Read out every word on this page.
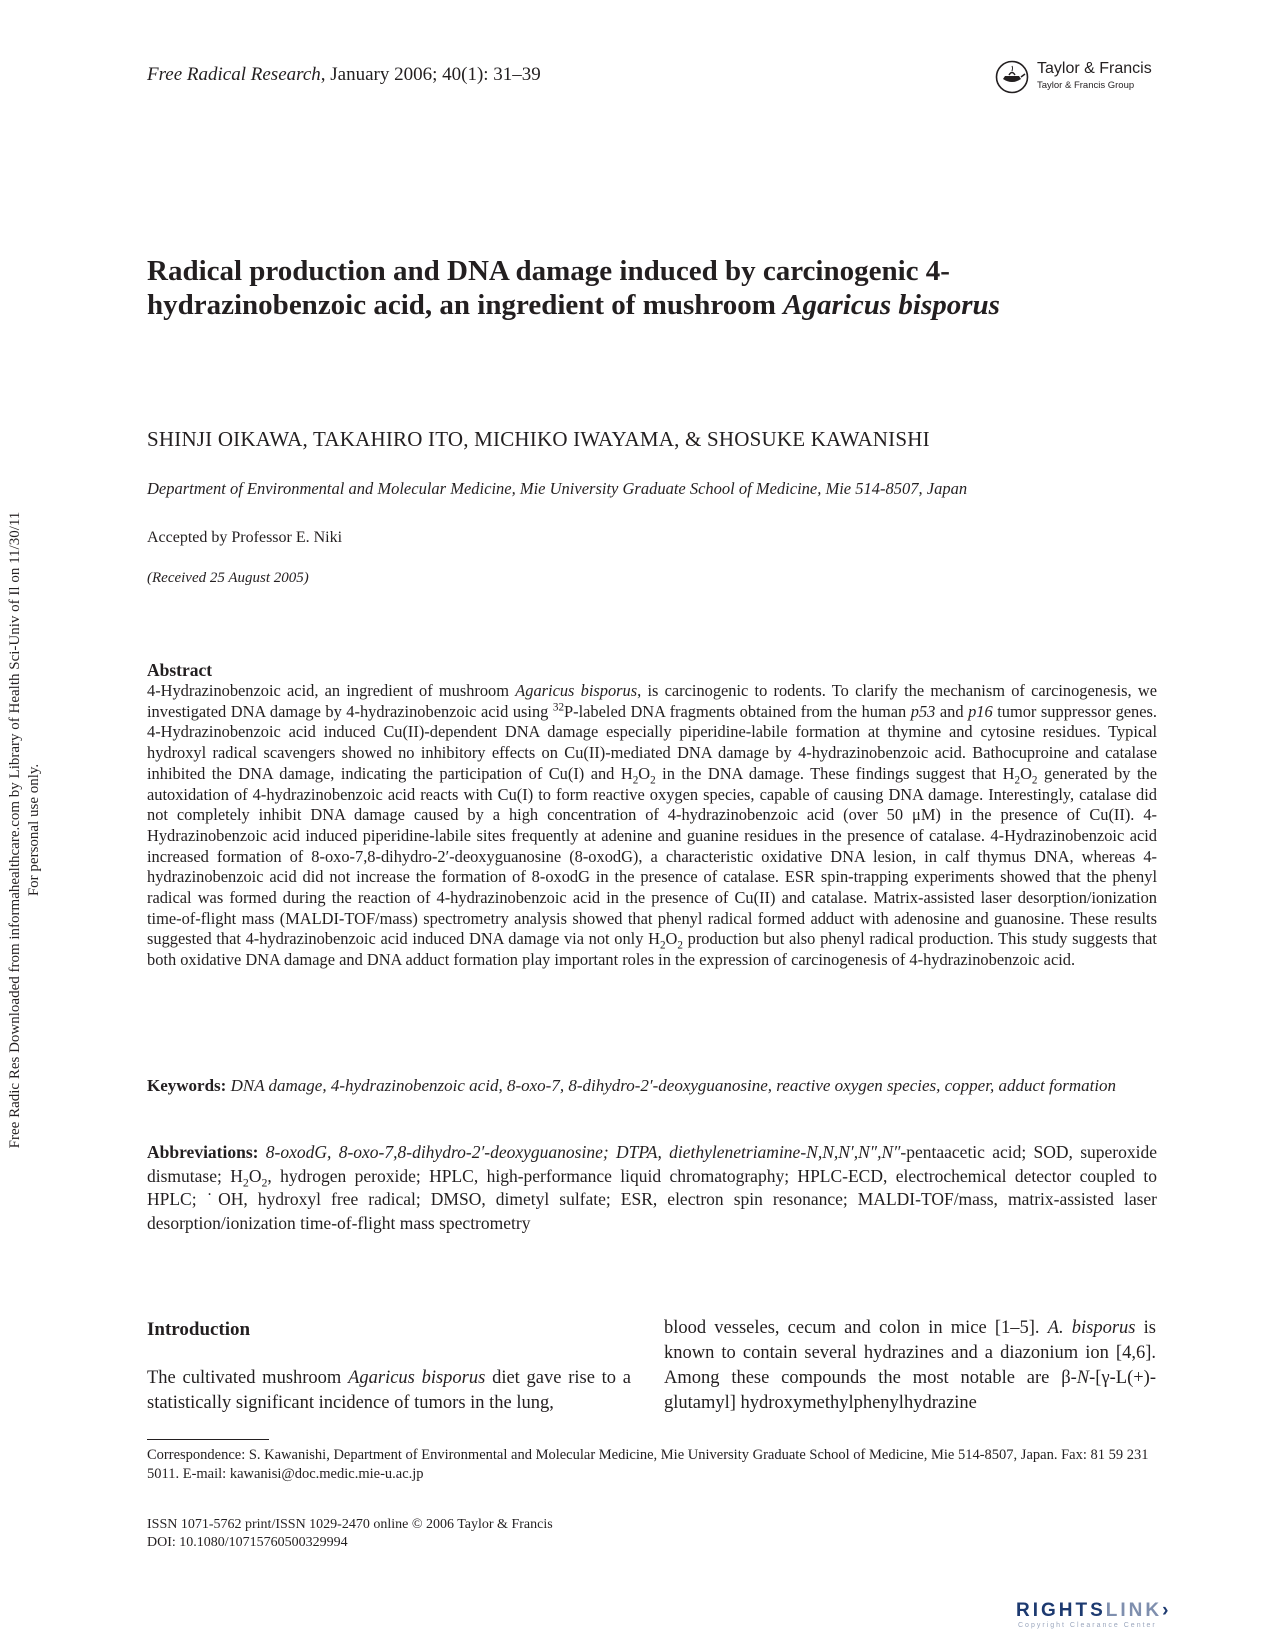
Free Radical Research, January 2006; 40(1): 31–39	Taylor & Francis
Taylor & Francis Group
Radical production and DNA damage induced by carcinogenic 4-hydrazinobenzoic acid, an ingredient of mushroom Agaricus bisporus
SHINJI OIKAWA, TAKAHIRO ITO, MICHIKO IWAYAMA, & SHOSUKE KAWANISHI
Department of Environmental and Molecular Medicine, Mie University Graduate School of Medicine, Mie 514-8507, Japan
Accepted by Professor E. Niki
(Received 25 August 2005)
Abstract

4-Hydrazinobenzoic acid, an ingredient of mushroom Agaricus bisporus, is carcinogenic to rodents. To clarify the mechanism of carcinogenesis, we investigated DNA damage by 4-hydrazinobenzoic acid using $^{32}$P-labeled DNA fragments obtained from the human p53 and p16 tumor suppressor genes. 4-Hydrazinobenzoic acid induced Cu(II)-dependent DNA damage especially piperidine-labile formation at thymine and cytosine residues. Typical hydroxyl radical scavengers showed no inhibitory effects on Cu(II)-mediated DNA damage by 4-hydrazinobenzoic acid. Bathocuproine and catalase inhibited the DNA damage, indicating the participation of Cu(I) and $H_2O_2$ in the DNA damage. These findings suggest that $H_2O_2$ generated by the autoxidation of 4-hydrazinobenzoic acid reacts with Cu(I) to form reactive oxygen species, capable of causing DNA damage. Interestingly, catalase did not completely inhibit DNA damage caused by a high concentration of 4-hydrazinobenzoic acid (over 50 μM) in the presence of Cu(II). 4-Hydrazinobenzoic acid induced piperidine-labile sites frequently at adenine and guanine residues in the presence of catalase. 4-Hydrazinobenzoic acid increased formation of 8-oxo-7,8-dihydro-2′-deoxyguanosine (8-oxodG), a characteristic oxidative DNA lesion, in calf thymus DNA, whereas 4-hydrazinobenzoic acid did not increase the formation of 8-oxodG in the presence of catalase. ESR spin-trapping experiments showed that the phenyl radical was formed during the reaction of 4-hydrazinobenzoic acid in the presence of Cu(II) and catalase. Matrix-assisted laser desorption/ionization time-of-flight mass (MALDI-TOF/mass) spectrometry analysis showed that phenyl radical formed adduct with adenosine and guanosine. These results suggested that 4-hydrazinobenzoic acid induced DNA damage via not only $H_2O_2$ production but also phenyl radical production. This study suggests that both oxidative DNA damage and DNA adduct formation play important roles in the expression of carcinogenesis of 4-hydrazinobenzoic acid.

Keywords: DNA damage, 4-hydrazinobenzoic acid, 8-oxo-7, 8-dihydro-2′-deoxyguanosine, reactive oxygen species, copper, adduct formation

Abbreviations: 8-oxodG, 8-oxo-7,8-dihydro-2′-deoxyguanosine; DTPA, diethylenetriamine-N,N,N′,N″,N″-pentaacetic acid; SOD, superoxide dismutase; $H_2O_2$, hydrogen peroxide; HPLC, high-performance liquid chromatography; HPLC-ECD, electrochemical detector coupled to HPLC; ˙OH, hydroxyl free radical; DMSO, dimetyl sulfate; ESR, electron spin resonance; MALDI-TOF/mass, matrix-assisted laser desorption/ionization time-of-flight mass spectrometry

Introduction

The cultivated mushroom Agaricus bisporus diet gave rise to a statistically significant incidence of tumors in the lung,

blood vesseles, cecum and colon in mice [1–5]. A. bisporus is known to contain several hydrazines and a diazonium ion [4,6]. Among these compounds the most notable are β-N-[γ-L(+)-glutamyl] hydroxymethylphenylhydrazine

Correspondence: S. Kawanishi, Department of Environmental and Molecular Medicine, Mie University Graduate School of Medicine, Mie 514-8507, Japan. Fax: 81 59 231 5011. E-mail: kawanisi@doc.medic.mie-u.ac.jp

ISSN 1071-5762 print/ISSN 1029-2470 online © 2006 Taylor & Francis
DOI: 10.1080/10715760500329994
Free Radic Res Downloaded from informahealthcare.com by Library of Health Sci-Univ of Il on 11/30/11 For personal use only.
RIGHTSLINK›
Copyright Clearance Center
